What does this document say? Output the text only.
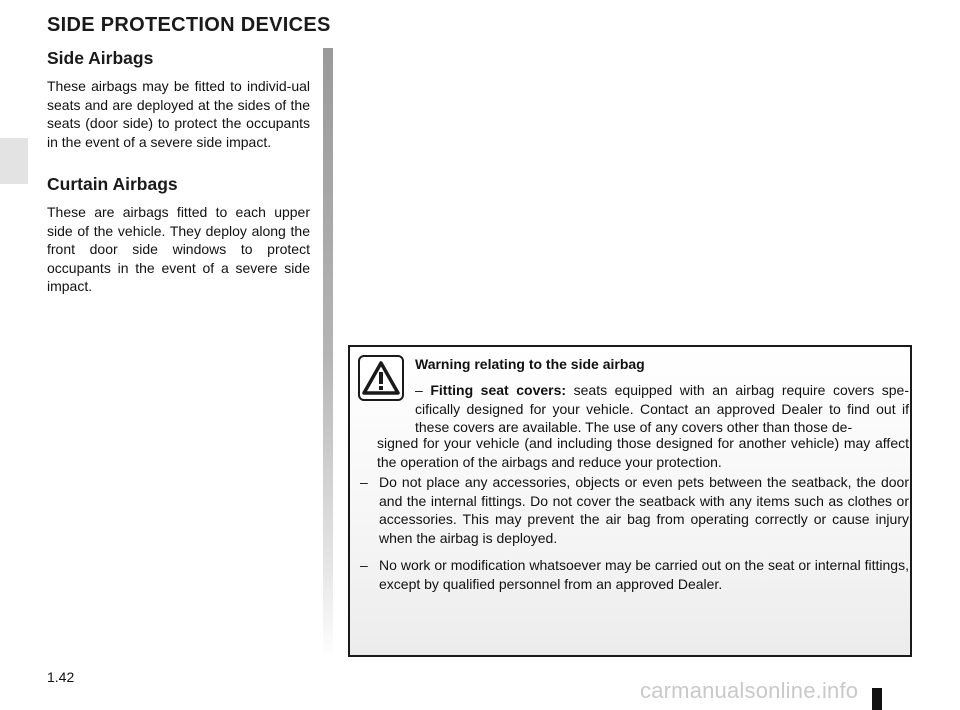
SIDE PROTECTION DEVICES
Side Airbags

These airbags may be fitted to individ-ual seats and are deployed at the sides of the seats (door side) to protect the occupants in the event of a severe side impact.

Curtain Airbags

These are airbags fitted to each upper side of the vehicle. They deploy along the front door side windows to protect occupants in the event of a severe side impact.

Warning relating to the side airbag

– Fitting seat covers: seats equipped with an airbag require covers spe-cifically designed for your vehicle. Contact an approved Dealer to find out if these covers are available. The use of any covers other than those de-

signed for your vehicle (and including those designed for another vehicle) may affect the operation of the airbags and reduce your protection.

– Do not place any accessories, objects or even pets between the seatback, the door and the internal fittings. Do not cover the seatback with any items such as clothes or accessories. This may prevent the air bag from operating correctly or cause injury when the airbag is deployed.
– No work or modification whatsoever may be carried out on the seat or internal fittings, except by qualified personnel from an approved Dealer.

1.42

carmanualsonline.info
